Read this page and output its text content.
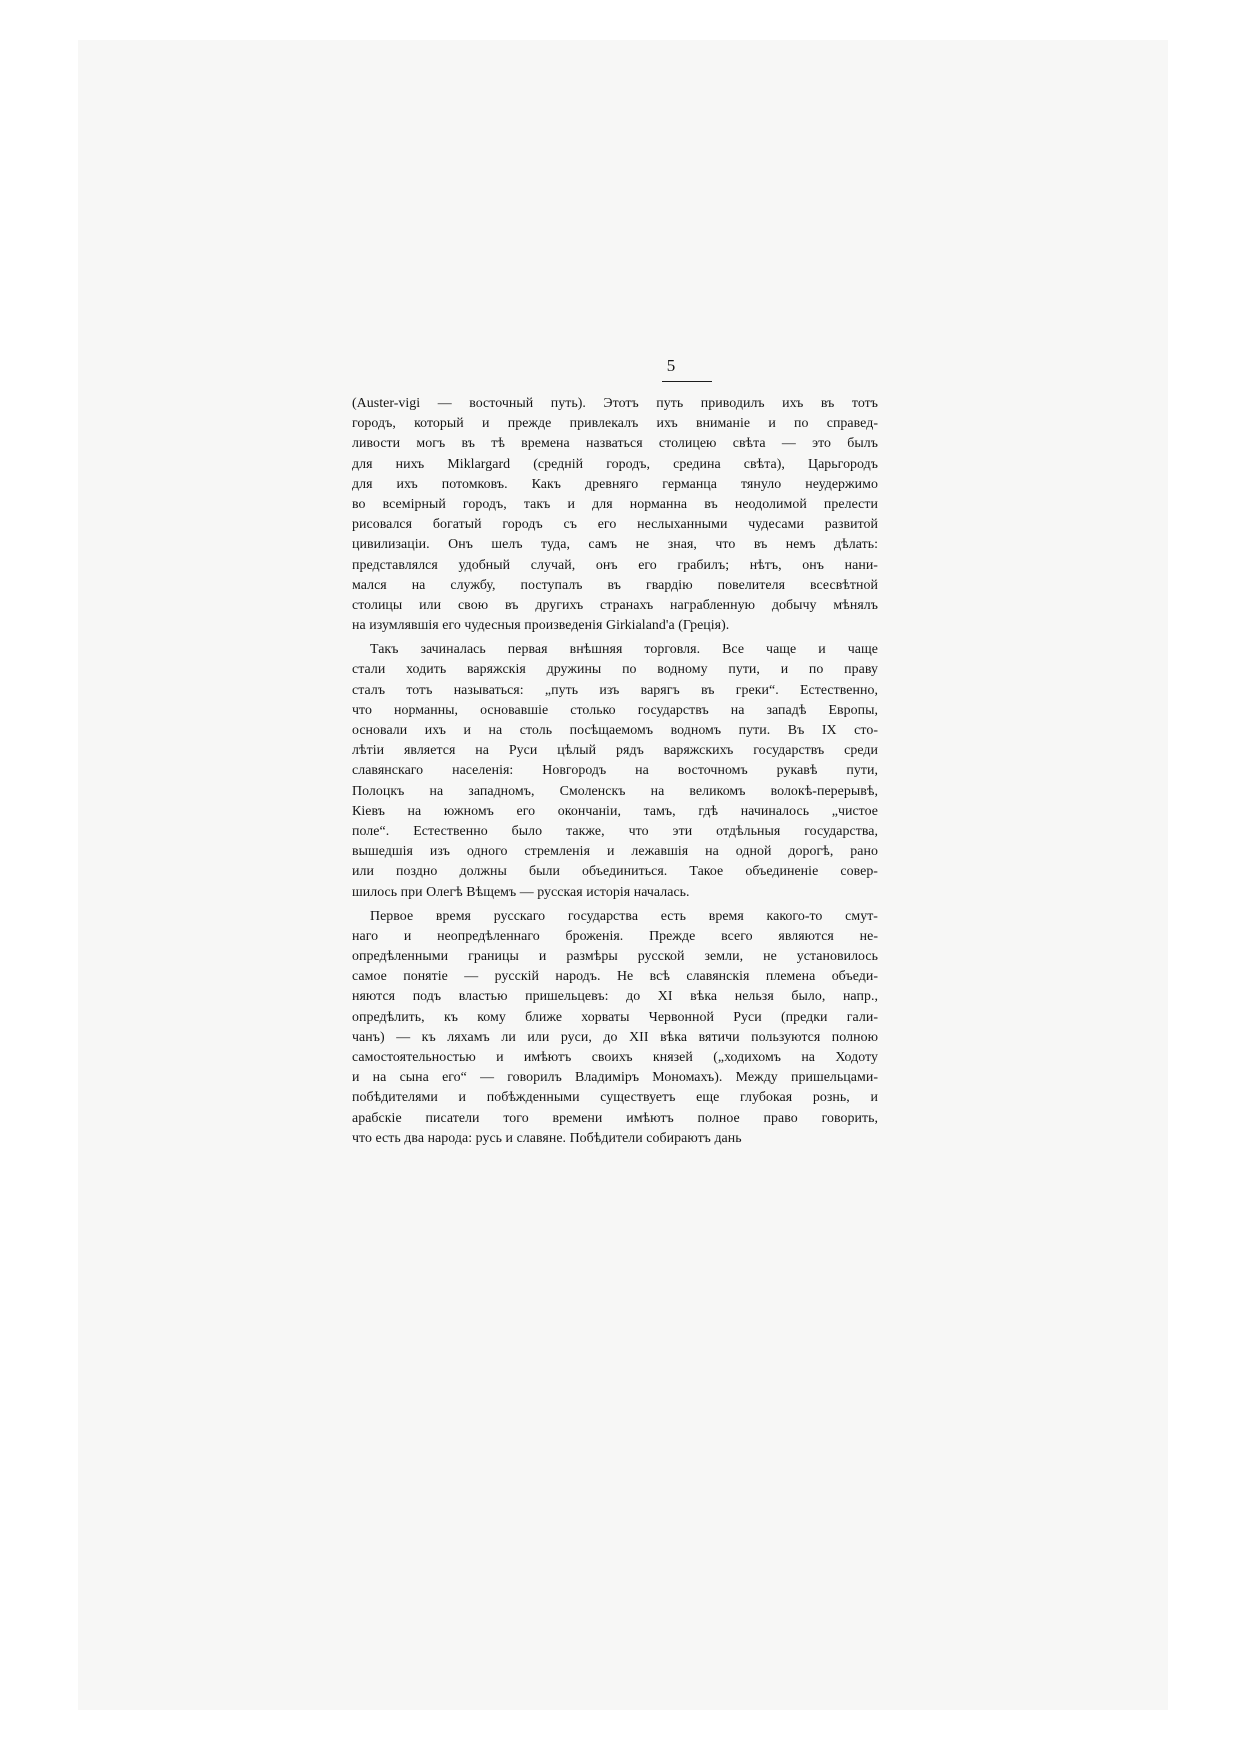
5
(Auster-vigi — восточный путь). Этотъ путь приводилъ ихъ въ тотъ
городъ, который и прежде привлекалъ ихъ вниманіе и по справед-
ливости могъ въ тѣ времена назваться столицею свѣта — это былъ
для нихъ Miklargard (средній городъ, средина свѣта), Царьгородъ
для ихъ потомковъ. Какъ древняго германца тянуло неудержимо
во всемірный городъ, такъ и для норманна въ неодолимой прелести
рисовался богатый городъ съ его неслыханными чудесами развитой
цивилизаціи. Онъ шелъ туда, самъ не зная, что въ немъ дѣлать:
представлялся удобный случай, онъ его грабилъ; нѣтъ, онъ нани-
мался на службу, поступалъ въ гвардію повелителя всесвѣтной
столицы или свою въ другихъ странахъ награбленную добычу мѣнялъ
на изумлявшія его чудесныя произведенія Girkialand'а (Греція).
Такъ зачиналась первая внѣшняя торговля. Все чаще и чаще
стали ходить варяжскія дружины по водному пути, и по праву
сталъ тотъ называться: „путь изъ варягъ въ греки“. Естественно,
что норманны, основавшіе столько государствъ на западѣ Европы,
основали ихъ и на столь посѣщаемомъ водномъ пути. Въ IX сто-
лѣтіи является на Руси цѣлый рядъ варяжскихъ государствъ среди
славянскаго населенія: Новгородъ на восточномъ рукавѣ пути,
Полоцкъ на западномъ, Смоленскъ на великомъ волокѣ-перерывѣ,
Кіевъ на южномъ его окончаніи, тамъ, гдѣ начиналось „чистое
поле“. Естественно было также, что эти отдѣльныя государства,
вышедшія изъ одного стремленія и лежавшія на одной дорогѣ, рано
или поздно должны были объединиться. Такое объединеніе совер-
шилось при Олегѣ Вѣщемъ — русская исторія началась.
Первое время русскаго государства есть время какого-то смут-
наго и неопредѣленнаго броженія. Прежде всего являются не-
опредѣленными границы и размѣры русской земли, не установилось
самое понятіе — русскій народъ. Не всѣ славянскія племена объеди-
няются подъ властью пришельцевъ: до XI вѣка нельзя было, напр.,
опредѣлить, къ кому ближе хорваты Червонной Руси (предки гали-
чанъ) — къ ляхамъ ли или руси, до XII вѣка вятичи пользуются полною
самостоятельностью и имѣютъ своихъ князей („ходихомъ на Ходоту
и на сына его“ — говорилъ Владиміръ Мономахъ). Между пришельцами-
побѣдителями и побѣжденными существуетъ еще глубокая рознь, и
арабскіе писатели того времени имѣютъ полное право говорить,
что есть два народа: русь и славяне. Побѣдители собираютъ дань
